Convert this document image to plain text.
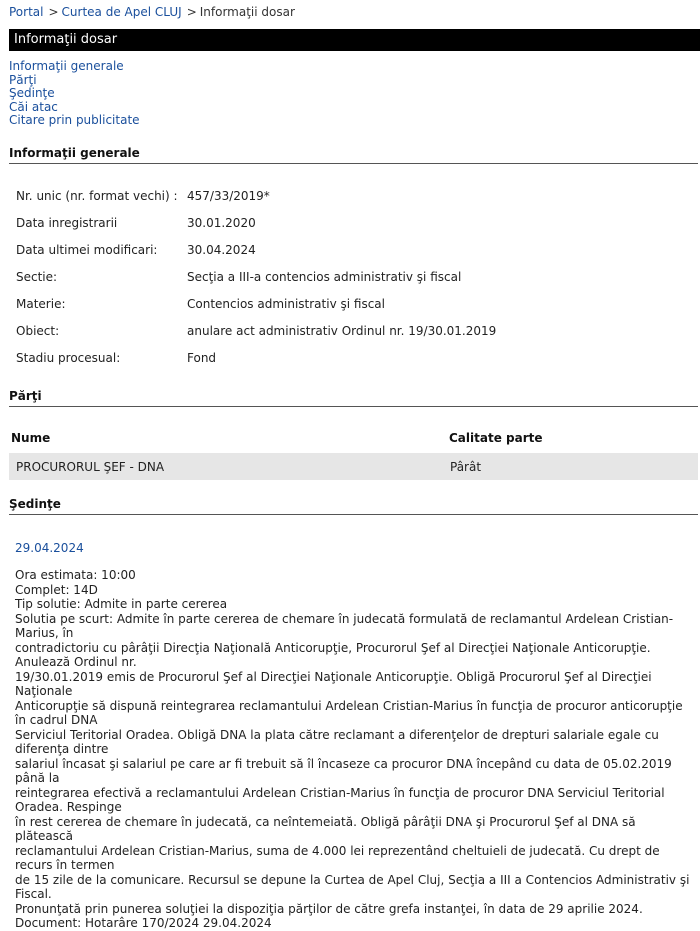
Portal > Curtea de Apel CLUJ > Informaţii dosar
Informaţii dosar
Informaţii generale
Părţi
Şedinţe
Căi atac
Citare prin publicitate
Informaţii generale
Nr. unic (nr. format vechi) : 457/33/2019*
Data inregistrarii	30.01.2020
Data ultimei modificari: 30.04.2024
Sectie:	Secţia a III-a contencios administrativ şi fiscal
Materie:	Contencios administrativ şi fiscal
Obiect:	anulare act administrativ Ordinul nr. 19/30.01.2019
Stadiu procesual:	Fond
Părţi
Nume	Calitate parte
PROCURORUL ŞEF - DNA	Pârât
Şedinţe
29.04.2024
Ora estimata: 10:00
Complet: 14D
Tip solutie: Admite in parte cererea
Solutia pe scurt: Admite în parte cererea de chemare în judecată formulată de reclamantul Ardelean Cristian-Marius, în
contradictoriu cu pârâţii Direcţia Naţională Anticorupţie, Procurorul Şef al Direcţiei Naţionale Anticorupţie. Anulează Ordinul nr.
19/30.01.2019 emis de Procurorul Şef al Direcţiei Naţionale Anticorupţie. Obligă Procurorul Şef al Direcţiei Naţionale
Anticorupţie să dispună reintegrarea reclamantului Ardelean Cristian-Marius în funcţia de procuror anticorupţie în cadrul DNA
Serviciul Teritorial Oradea. Obligă DNA la plata către reclamant a diferenţelor de drepturi salariale egale cu diferenţa dintre
salariul încasat şi salariul pe care ar fi trebuit să îl încaseze ca procuror DNA începând cu data de 05.02.2019 până la
reintegrarea efectivă a reclamantului Ardelean Cristian-Marius în funcţia de procuror DNA Serviciul Teritorial Oradea. Respinge
în rest cererea de chemare în judecată, ca neîntemeiată. Obligă pârâţii DNA şi Procurorul Şef al DNA să plătească
reclamantului Ardelean Cristian-Marius, suma de 4.000 lei reprezentând cheltuieli de judecată. Cu drept de recurs în termen
de 15 zile de la comunicare. Recursul se depune la Curtea de Apel Cluj, Secţia a III a Contencios Administrativ şi Fiscal.
Pronunţată prin punerea soluţiei la dispoziţia părţilor de către grefa instanţei, în data de 29 aprilie 2024.
Document: Hotarâre 170/2024 29.04.2024
